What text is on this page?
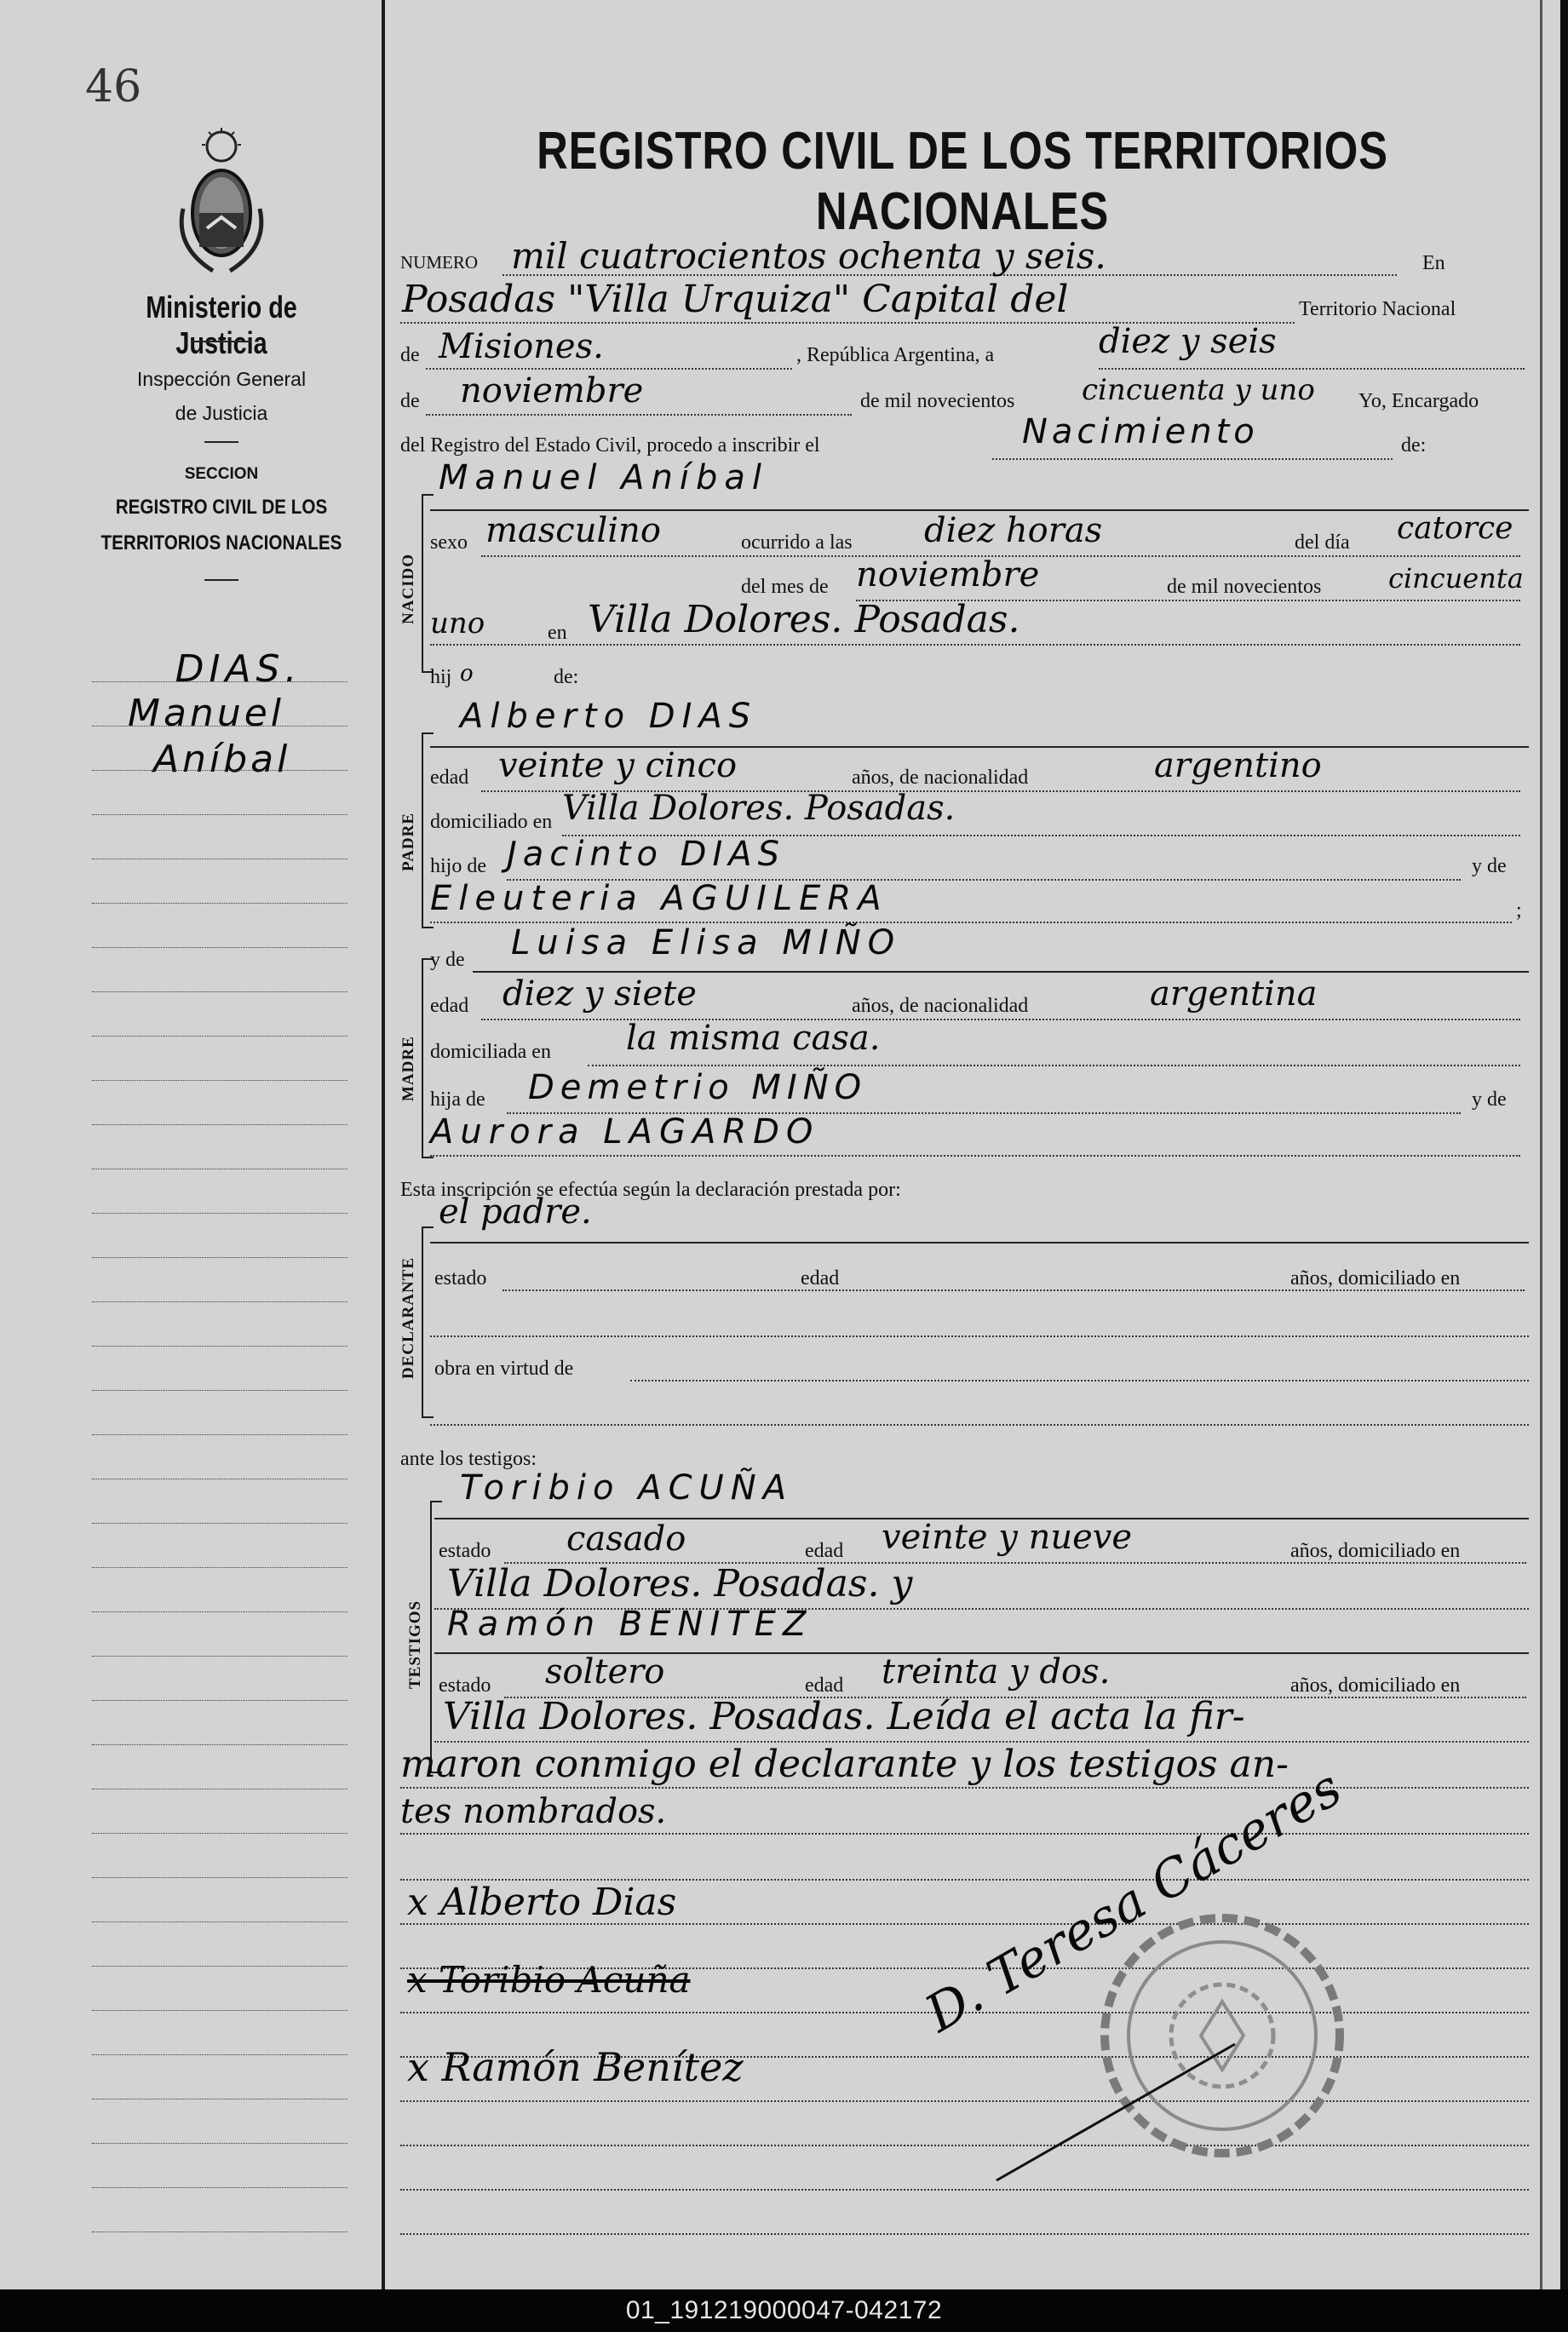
46
Ministerio de Justicia
Inspección General
de Justicia
SECCION
REGISTRO CIVIL DE LOS
TERRITORIOS NACIONALES
DIAS.
Manuel
Aníbal
REGISTRO CIVIL DE LOS TERRITORIOS NACIONALES
NUMERO mil cuatrocientos ochenta y seis.	En
Posadas "Villa Urquiza" Capital del	Territorio Nacional
de Misiones.	, República Argentina, a	diez y seis
de noviembre	de mil novecientos cincuenta y uno Yo, Encargado
del Registro del Estado Civil, procedo a inscribir el	Nacimiento	de:
NACIDO
Manuel Aníbal
sexo masculino	ocurrido a las diez horas	del día catorce
del mes de noviembre	de mil novecientos cincuenta
uno	en Villa Dolores. Posadas.
hij o	de:
PADRE
Alberto DIAS
edad veinte y cinco	años, de nacionalidad	argentino
domiciliado en Villa Dolores. Posadas.
hijo de Jacinto DIAS	y de
Eleuteria AGUILERA	;
MADRE
y de Luisa Elisa MIÑO
edad diez y siete	años, de nacionalidad	argentina
domiciliada en la misma casa.
hija de Demetrio MIÑO	y de
Aurora LAGARDO
Esta inscripción se efectúa según la declaración prestada por:
DECLARANTE
el padre.
estado	edad	años, domiciliado en
obra en virtud de
ante los testigos:
TESTIGOS
Toribio ACUÑA
estado casado	edad veinte y nueve	años, domiciliado en
Villa Dolores. Posadas. y
Ramón BENITEZ
estado soltero	edad treinta y dos.	años, domiciliado en
Villa Dolores. Posadas. Leída el acta la fir-
maron conmigo el declarante y los testigos an-
tes nombrados.
x Alberto Dias
x Toribio Acuña
x Ramón Benítez
D. Teresa Cáceres
01_191219000047-042172
